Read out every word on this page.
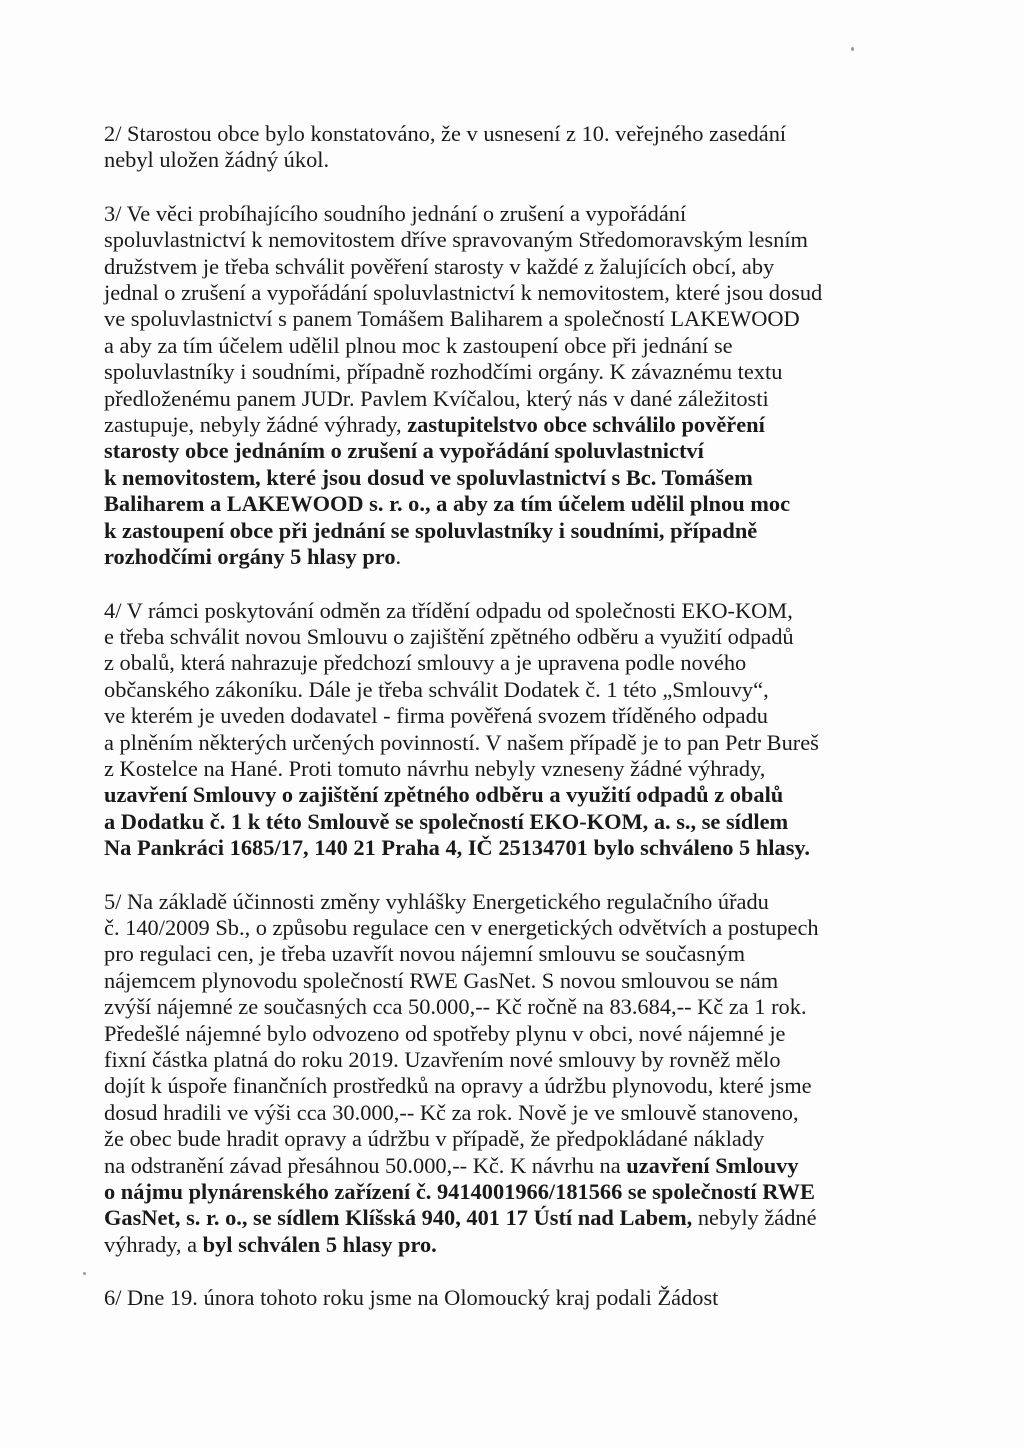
2/ Starostou obce bylo konstatováno, že v usnesení z 10. veřejného zasedání
nebyl uložen žádný úkol.
3/ Ve věci probíhajícího soudního jednání o zrušení a vypořádání
spoluvlastnictví k nemovitostem dříve spravovaným Středomoravským lesním
družstvem je třeba schválit pověření starosty v každé z žalujících obcí, aby
jednal o zrušení a vypořádání spoluvlastnictví k nemovitostem, které jsou dosud
ve spoluvlastnictví s panem Tomášem Baliharem a společností LAKEWOOD
a aby za tím účelem udělil plnou moc k zastoupení obce při jednání se
spoluvlastníky i soudními, případně rozhodčími orgány. K závaznému textu
předloženému panem JUDr. Pavlem Kvíčalou, který nás v dané záležitosti
zastupuje, nebyly žádné výhrady, zastupitelstvo obce schválilo pověření
starosty obce jednáním o zrušení a vypořádání spoluvlastnictví
k nemovitostem, které jsou dosud ve spoluvlastnictví s Bc. Tomášem
Baliharem a LAKEWOOD s. r. o., a aby za tím účelem udělil plnou moc
k zastoupení obce při jednání se spoluvlastníky i soudními, případně
rozhodčími orgány 5 hlasy pro.
4/ V rámci poskytování odměn za třídění odpadu od společnosti EKO-KOM,
e třeba schválit novou Smlouvu o zajištění zpětného odběru a využití odpadů
z obalů, která nahrazuje předchozí smlouvy a je upravena podle nového
občanského zákoníku. Dále je třeba schválit Dodatek č. 1 této „Smlouvy“,
ve kterém je uveden dodavatel - firma pověřená svozem tříděného odpadu
a plněním některých určených povinností. V našem případě je to pan Petr Bureš
z Kostelce na Hané. Proti tomuto návrhu nebyly vzneseny žádné výhrady,
uzavření Smlouvy o zajištění zpětného odběru a využití odpadů z obalů
a Dodatku č. 1 k této Smlouvě se společností EKO-KOM, a. s., se sídlem
Na Pankráci 1685/17, 140 21 Praha 4, IČ 25134701 bylo schváleno 5 hlasy.
5/ Na základě účinnosti změny vyhlášky Energetického regulačního úřadu
č. 140/2009 Sb., o způsobu regulace cen v energetických odvětvích a postupech
pro regulaci cen, je třeba uzavřít novou nájemní smlouvu se současným
nájemcem plynovodu společností RWE GasNet. S novou smlouvou se nám
zvýší nájemné ze současných cca 50.000,-- Kč ročně na 83.684,-- Kč za 1 rok.
Předešlé nájemné bylo odvozeno od spotřeby plynu v obci, nové nájemné je
fixní částka platná do roku 2019. Uzavřením nové smlouvy by rovněž mělo
dojít k úspoře finančních prostředků na opravy a údržbu plynovodu, které jsme
dosud hradili ve výši cca 30.000,-- Kč za rok. Nově je ve smlouvě stanoveno,
že obec bude hradit opravy a údržbu v případě, že předpokládané náklady
na odstranění závad přesáhnou 50.000,-- Kč. K návrhu na uzavření Smlouvy
o nájmu plynárenského zařízení č. 9414001966/181566 se společností RWE
GasNet, s. r. o., se sídlem Klíšská 940, 401 17 Ústí nad Labem, nebyly žádné
výhrady, a byl schválen 5 hlasy pro.
6/ Dne 19. února tohoto roku jsme na Olomoucký kraj podali Žádost
